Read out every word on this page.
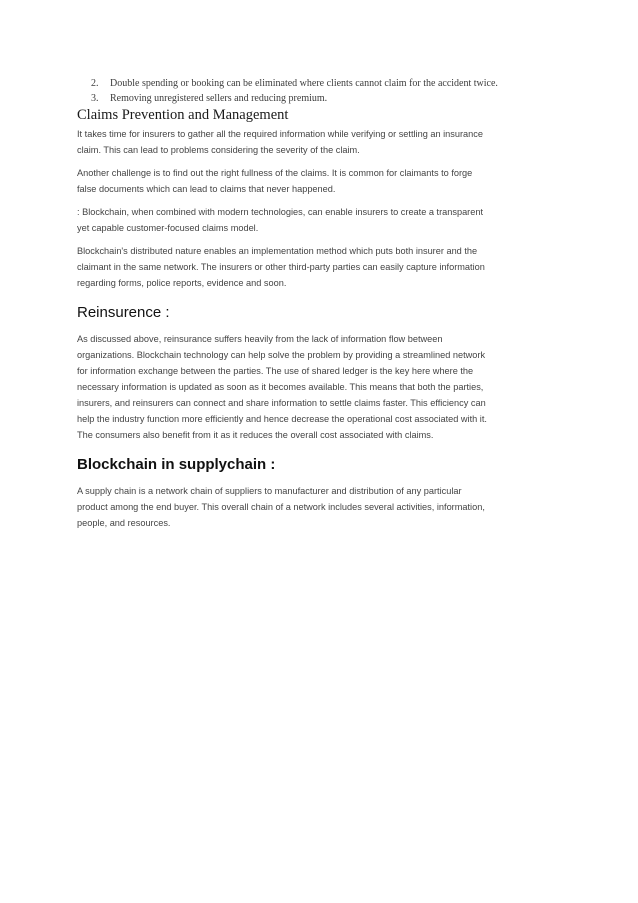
2. Double spending or booking can be eliminated where clients cannot claim for the accident twice.
3. Removing unregistered sellers and reducing premium.
Claims Prevention and Management

It takes time for insurers to gather all the required information while verifying or settling an insurance
claim. This can lead to problems considering the severity of the claim.

Another challenge is to find out the right fullness of the claims. It is common for claimants to forge
false documents which can lead to claims that never happened.

: Blockchain, when combined with modern technologies, can enable insurers to create a transparent
yet capable customer-focused claims model.

Blockchain's distributed nature enables an implementation method which puts both insurer and the
claimant in the same network. The insurers or other third-party parties can easily capture information
regarding forms, police reports, evidence and soon.

Reinsurence :

As discussed above, reinsurance suffers heavily from the lack of information flow between
organizations. Blockchain technology can help solve the problem by providing a streamlined network
for information exchange between the parties. The use of shared ledger is the key here where the
necessary information is updated as soon as it becomes available. This means that both the parties,
insurers, and reinsurers can connect and share information to settle claims faster. This efficiency can
help the industry function more efficiently and hence decrease the operational cost associated with it.
The consumers also benefit from it as it reduces the overall cost associated with claims.

Blockchain in supplychain :

A supply chain is a network chain of suppliers to manufacturer and distribution of any particular
product among the end buyer. This overall chain of a network includes several activities, information,
people, and resources.
